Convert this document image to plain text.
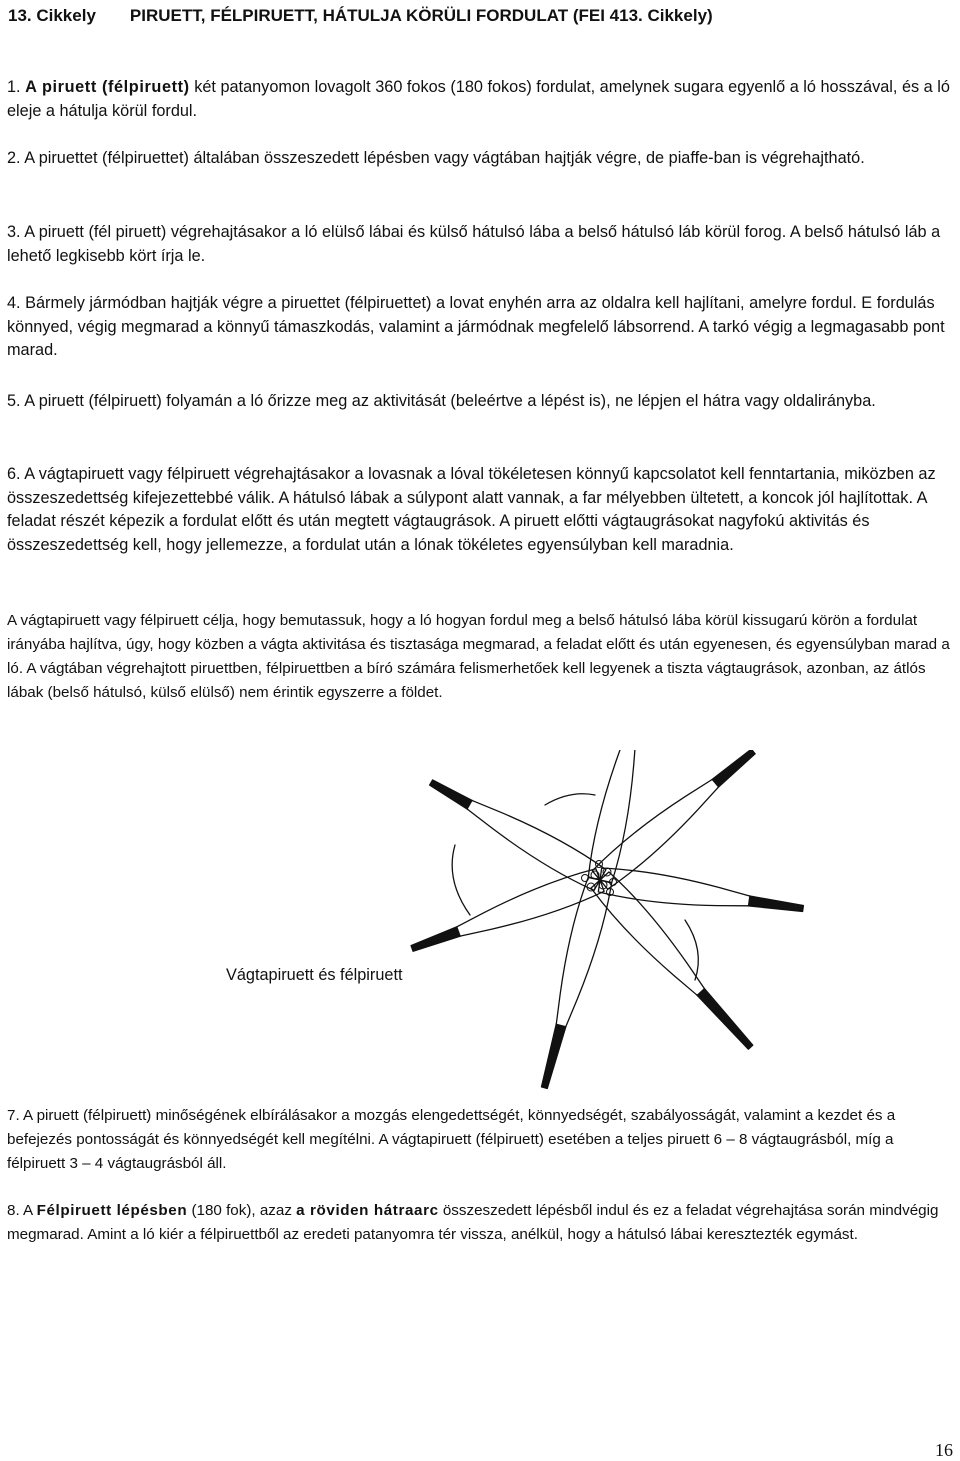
13. Cikkely PIRUETT, FÉLPIRUETT, HÁTULJA KÖRÜLI FORDULAT (FEI 413. Cikkely)
1. A piruett (félpiruett) két patanyomon lovagolt 360 fokos (180 fokos) fordulat, amelynek sugara egyenlő a ló hosszával, és a ló eleje a hátulja körül fordul.
2. A piruettet (félpiruettet) általában összeszedett lépésben vagy vágtában hajtják végre, de piaffe-ban is végrehajtható.
3. A piruett (fél piruett) végrehajtásakor a ló elülső lábai és külső hátulsó lába a belső hátulsó láb körül forog. A belső hátulsó láb a lehető legkisebb kört írja le.
4. Bármely jármódban hajtják végre a piruettet (félpiruettet) a lovat enyhén arra az oldalra kell hajlítani, amelyre fordul. E fordulás könnyed, végig megmarad a könnyű támaszkodás, valamint a jármódnak megfelelő lábsorrend. A tarkó végig a legmagasabb pont marad.
5. A piruett (félpiruett) folyamán a ló őrizze meg az aktivitását (beleértve a lépést is), ne lépjen el hátra vagy oldalirányba.
6. A vágtapiruett vagy félpiruett végrehajtásakor a lovasnak a lóval tökéletesen könnyű kapcsolatot kell fenntartania, miközben az összeszedettség kifejezettebbé válik. A hátulsó lábak a súlypont alatt vannak, a far mélyebben ültetett, a koncok jól hajlítottak. A feladat részét képezik a fordulat előtt és után megtett vágtaugrások. A piruett előtti vágtaugrásokat nagyfokú aktivitás és összeszedettség kell, hogy jellemezze, a fordulat után a lónak tökéletes egyensúlyban kell maradnia.
A vágtapiruett vagy félpiruett célja, hogy bemutassuk, hogy a ló hogyan fordul meg a belső hátulsó lába körül kissugarú körön a fordulat irányába hajlítva, úgy, hogy közben a vágta aktivitása és tisztasága megmarad, a feladat előtt és után egyenesen, és egyensúlyban marad a ló. A vágtában végrehajtott piruettben, félpiruettben a bíró számára felismerhetőek kell legyenek a tiszta vágtaugrások, azonban, az átlós lábak (belső hátulsó, külső elülső) nem érintik egyszerre a földet.
Vágtapiruett és félpiruett
7. A piruett (félpiruett) minőségének elbírálásakor a mozgás elengedettségét, könnyedségét, szabályosságát, valamint a kezdet és a befejezés pontosságát és könnyedségét kell megítélni. A vágtapiruett (félpiruett) esetében a teljes piruett 6 – 8 vágtaugrásból, míg a félpiruett 3 – 4 vágtaugrásból áll.
8. A Félpiruett lépésben (180 fok), azaz a röviden hátraarc összeszedett lépésből indul és ez a feladat végrehajtása során mindvégig megmarad. Amint a ló kiér a félpiruettből az eredeti patanyomra tér vissza, anélkül, hogy a hátulsó lábai keresztezték egymást.
16
